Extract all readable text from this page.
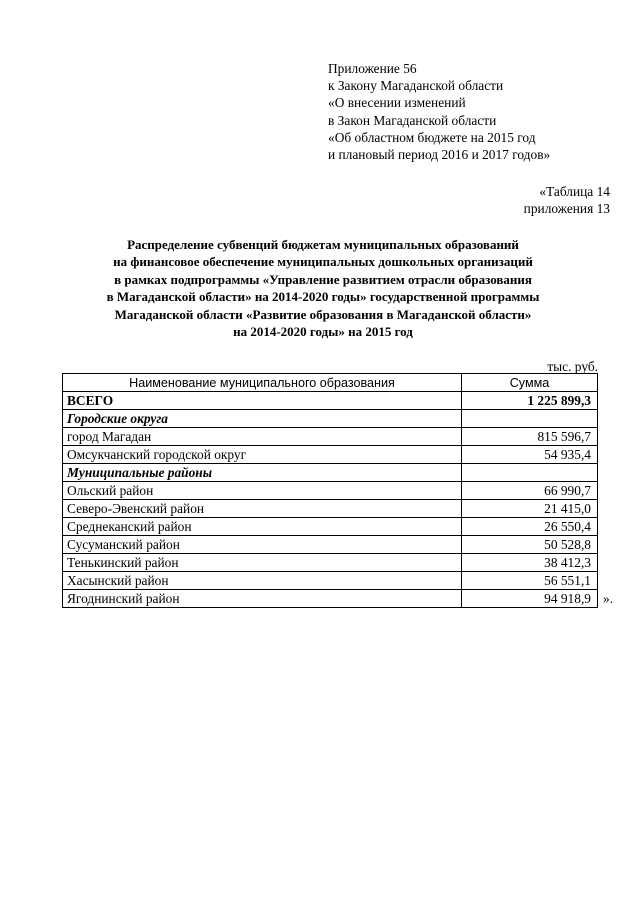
Приложение 56
к Закону Магаданской области
«О внесении изменений
в Закон Магаданской области
«Об областном бюджете на 2015 год
и плановый период 2016 и 2017 годов»
«Таблица 14
приложения 13
Распределение субвенций бюджетам муниципальных образований
на финансовое обеспечение муниципальных дошкольных организаций
в рамках подпрограммы «Управление развитием отрасли образования
в Магаданской области» на 2014-2020 годы» государственной программы
Магаданской области «Развитие образования в Магаданской области»
на 2014-2020 годы» на 2015 год
тыс. руб.
Наименование муниципального образования	Сумма
ВСЕГО	1 225 899,3
Городские округа	
город Магадан	815 596,7
Омсукчанский городской округ	54 935,4
Муниципальные районы	
Ольский район	66 990,7
Северо-Эвенский район	21 415,0
Среднеканский район	26 550,4
Сусуманский район	50 528,8
Тенькинский район	38 412,3
Хасынский район	56 551,1
Ягоднинский район	94 918,9 ».
